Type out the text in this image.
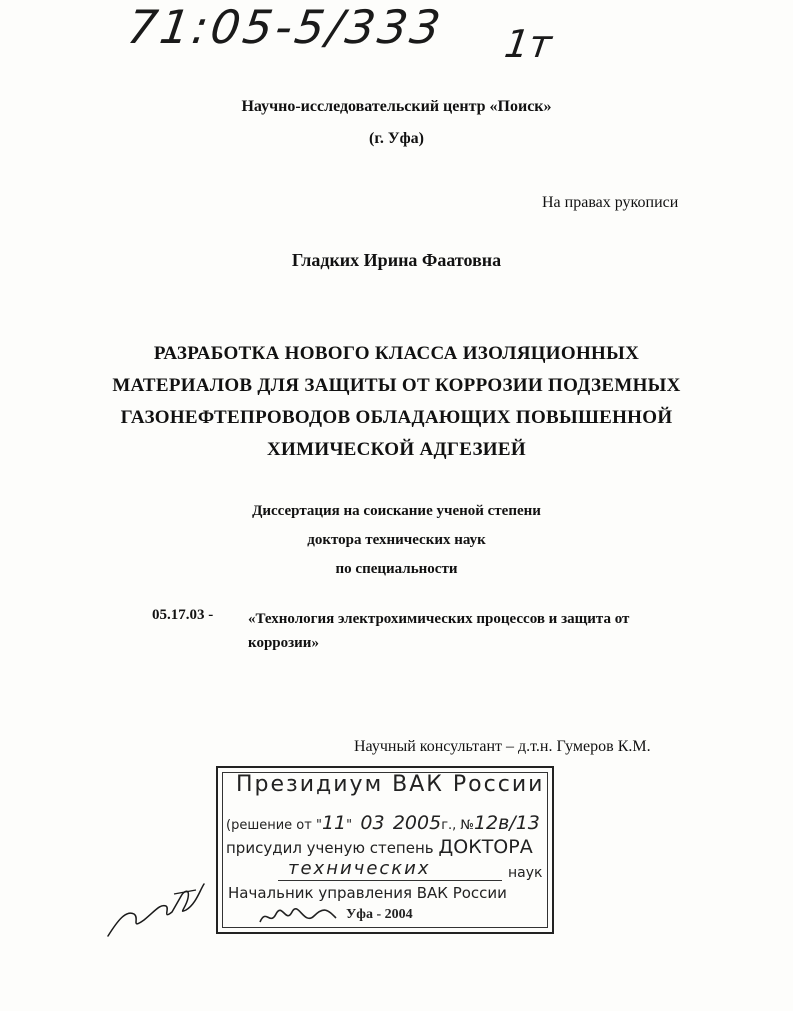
71:05-5/333 1т
Научно-исследовательский центр «Поиск»
(г. Уфа)
На правах рукописи
Гладких Ирина Фаатовна
РАЗРАБОТКА НОВОГО КЛАССА ИЗОЛЯЦИОННЫХ
МАТЕРИАЛОВ ДЛЯ ЗАЩИТЫ ОТ КОРРОЗИИ ПОДЗЕМНЫХ
ГАЗОНЕФТЕПРОВОДОВ ОБЛАДАЮЩИХ ПОВЫШЕННОЙ
ХИМИЧЕСКОЙ АДГЕЗИЕЙ
Диссертация на соискание ученой степени
доктора технических наук
по специальности
05.17.03 - «Технология электрохимических процессов и защита от коррозии»
Научный консультант – д.т.н. Гумеров К.М.
Президиум ВАК России
(решение от "11"  03 2005г., №12в/13
присудил ученую степень ДОКТОРА
технических	наук
Начальник управления ВАК России
Уфа - 2004
